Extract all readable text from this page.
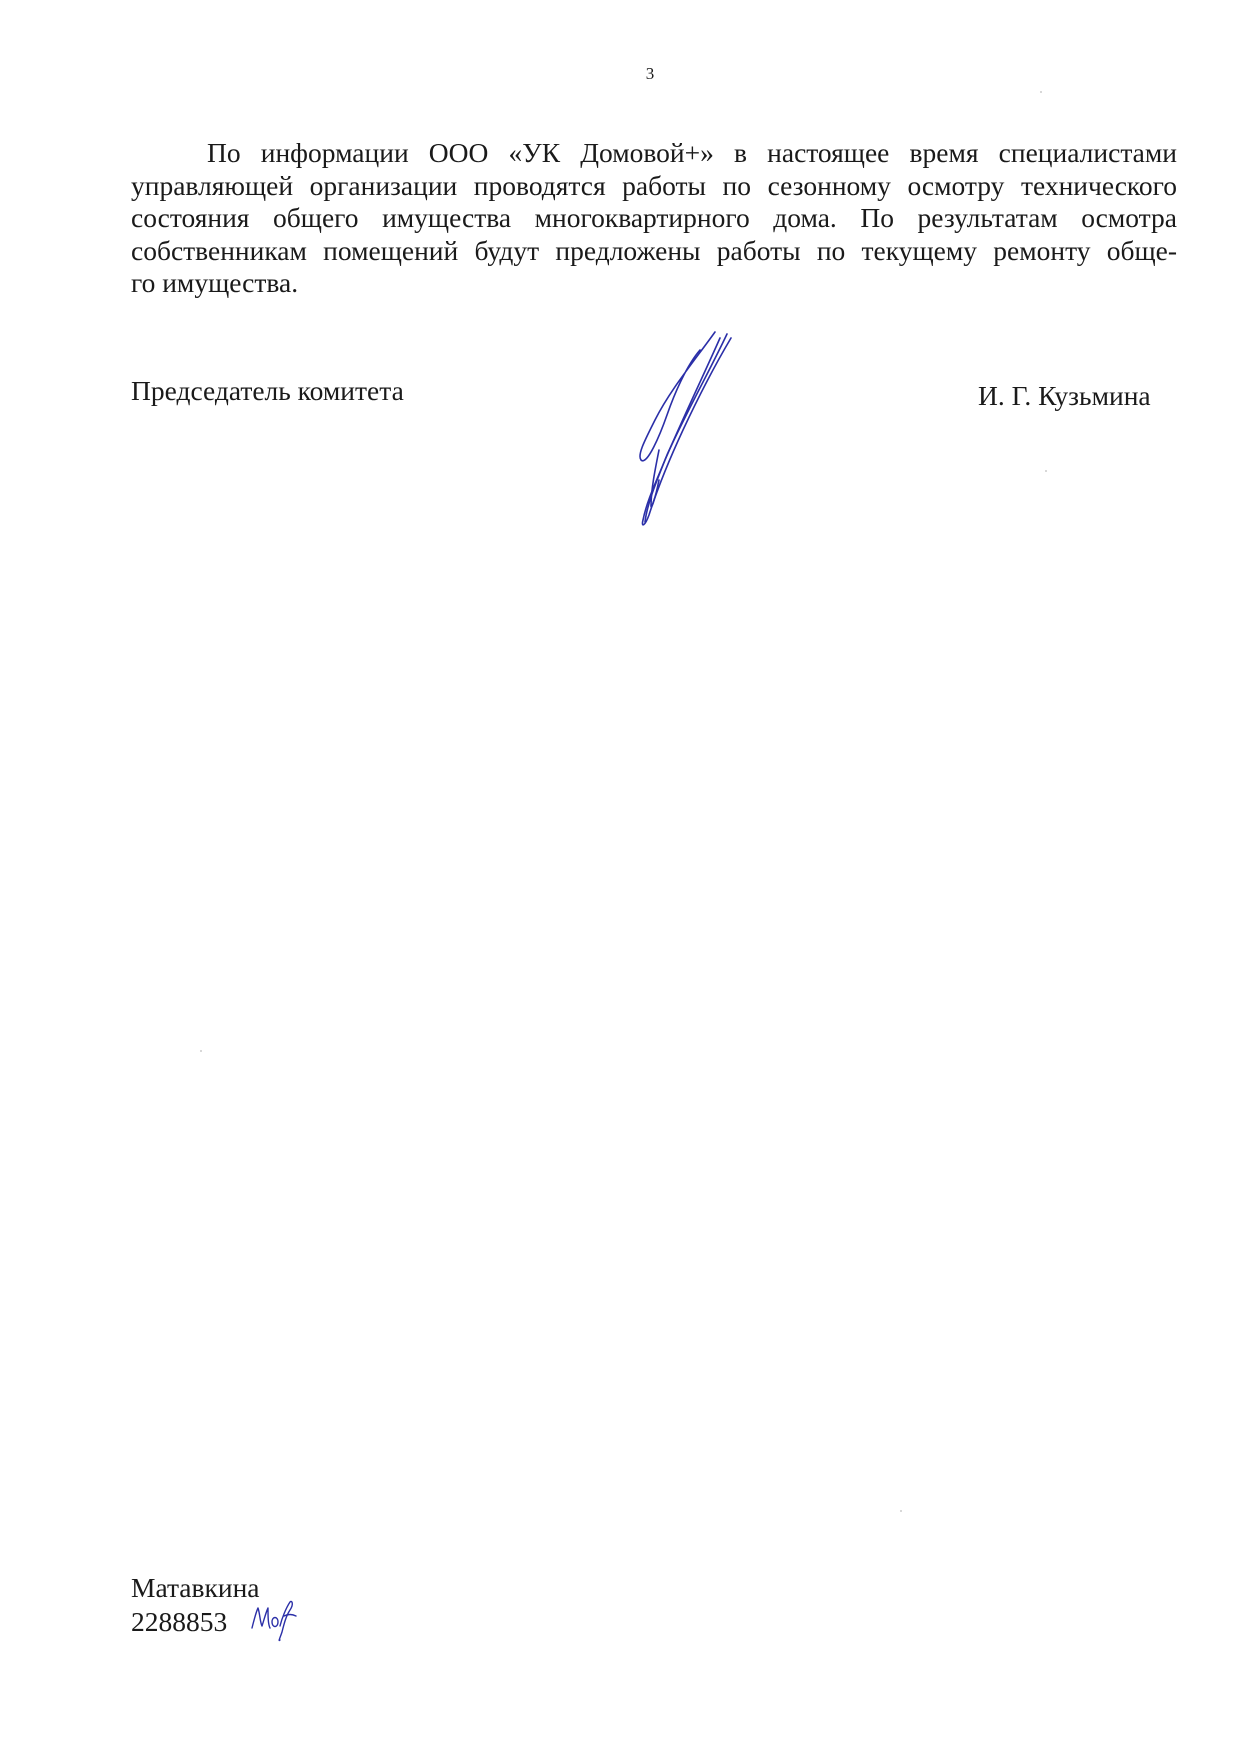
3
По информации ООО «УК Домовой+» в настоящее время специалистами
управляющей организации проводятся работы по сезонному осмотру технического
состояния общего имущества многоквартирного дома. По результатам осмотра
собственникам помещений будут предложены работы по текущему ремонту обще-
го имущества.
Председатель комитета	И. Г. Кузьмина
Матавкина
2288853
